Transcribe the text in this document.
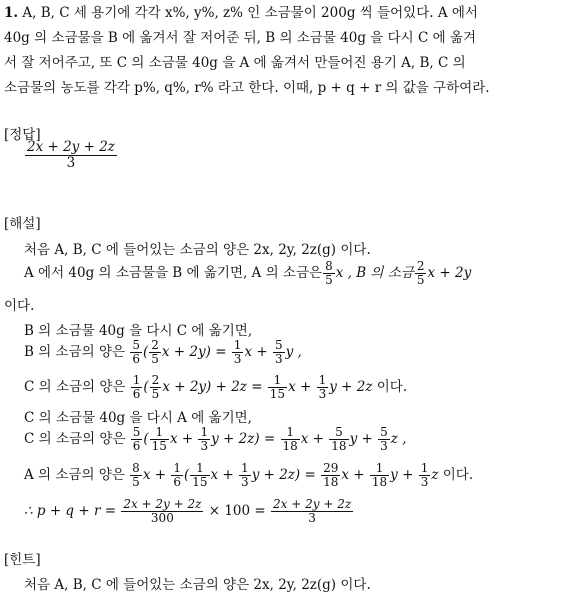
1. A, B, C 세 용기에 각각 x%, y%, z% 인 소금물이 200g 씩 들어있다. A 에서
40g 의 소금물을 B 에 옮겨서 잘 저어준 뒤, B 의 소금물 40g 을 다시 C 에 옮겨
서 잘 저어주고, 또 C 의 소금물 40g 을 A 에 옮겨서 만들어진 용기 A, B, C 의
소금물의 농도를 각각 p%, q%, r% 라고 한다. 이때, p + q + r 의 값을 구하여라.
[정답]
$\frac{2x + 2y + 2z}{3}$
[해설]
처음 A, B, C 에 들어있는 소금의 양은 2x, 2y, 2z(g) 이다.
A 에서 40g 의 소금물을 B 에 옮기면, A 의 소금은 $\frac{8}{5}$ x , B 의 소금 $\frac{2}{5}$ x + 2y
이다.
B 의 소금물 40g 을 다시 C 에 옮기면,
B 의 소금의 양은 $\frac{5}{6}$ ( $\frac{2}{5}$ $x + 2y) = \frac{1}{3}$ $x + \frac{5}{3}$ y ,
C 의 소금의 양은 $\frac{1}{6}$ ( $\frac{2}{5}$ $x + 2y) + 2z = \frac{1}{15}$ $x + \frac{1}{3}$ y + 2z 이다.
C 의 소금물 40g 을 다시 A 에 옮기면,
C 의 소금의 양은 $\frac{5}{6}$ ( $\frac{1}{15}$ $x + \frac{1}{3}$ $y + 2z) = \frac{1}{18}$ $x + \frac{5}{18}$ $y + \frac{5}{3}$ z ,
A 의 소금의 양은 $\frac{8}{5}$ $x + \frac{1}{6}$ ( $\frac{1}{15}$ $x + \frac{1}{3}$ $y + 2z) = \frac{29}{18}$ $x + \frac{1}{18}$ $y + \frac{1}{3}$ z 이다.
∴ $p + q + r = \frac{2x + 2y + 2z}{300} \times 100 = \frac{2x + 2y + 2z}{3}$
[힌트]
처음 A, B, C 에 들어있는 소금의 양은 2x, 2y, 2z(g) 이다.
